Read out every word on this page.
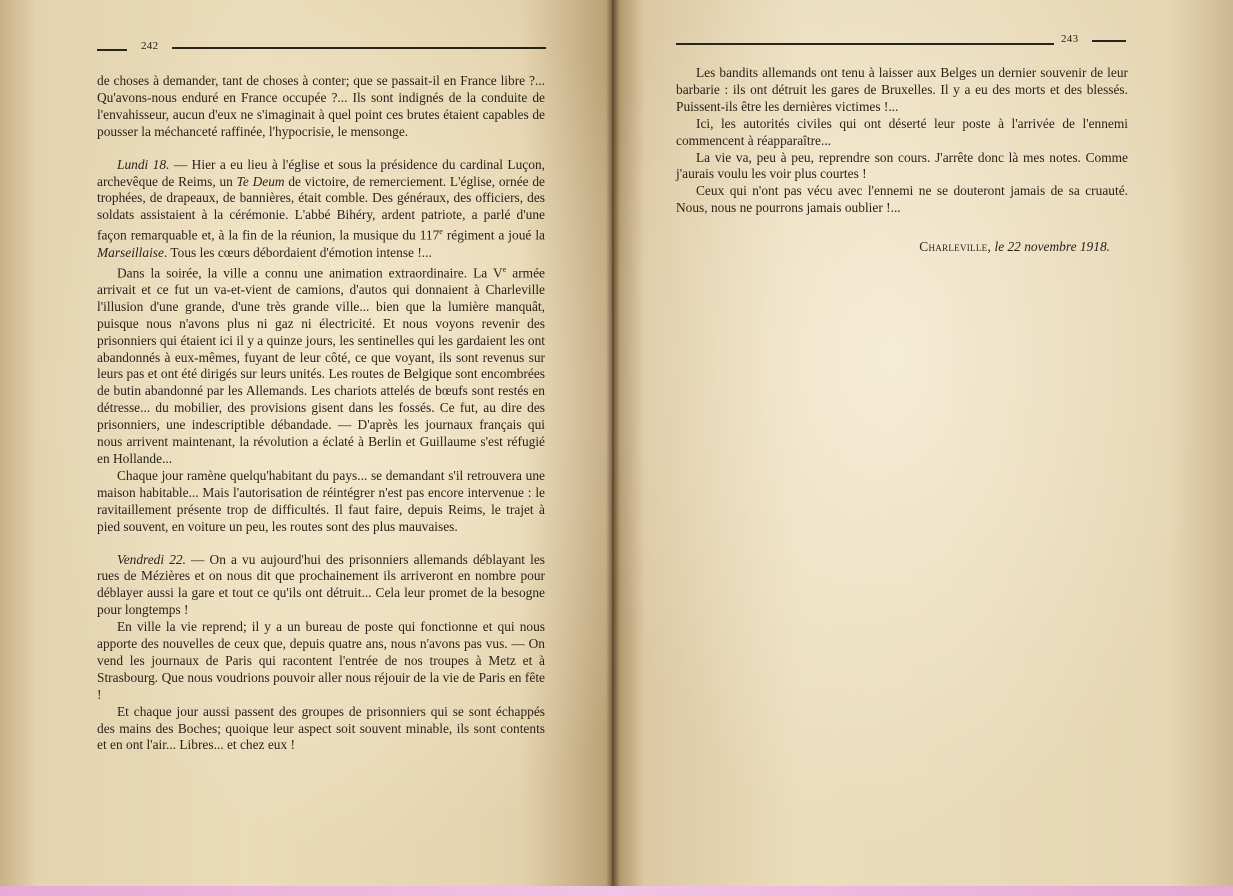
242

de choses à demander, tant de choses à conter; que se passait-il en France libre ?... Qu'avons-nous enduré en France occupée ?... Ils sont indignés de la conduite de l'envahisseur, aucun d'eux ne s'imaginait à quel point ces brutes étaient capables de pousser la méchanceté raffinée, l'hypocrisie, le mensonge.

Lundi 18. — Hier a eu lieu à l'église et sous la présidence du cardinal Luçon, archevêque de Reims, un Te Deum de victoire, de remerciement. L'église, ornée de trophées, de drapeaux, de bannières, était comble. Des généraux, des officiers, des soldats assistaient à la cérémonie. L'abbé Bihéry, ardent patriote, a parlé d'une façon remarquable et, à la fin de la réunion, la musique du 117e régiment a joué la Marseillaise. Tous les cœurs débordaient d'émotion intense !...

Dans la soirée, la ville a connu une animation extraordinaire. La Ve armée arrivait et ce fut un va-et-vient de camions, d'autos qui donnaient à Charleville l'illusion d'une grande, d'une très grande ville... bien que la lumière manquât, puisque nous n'avons plus ni gaz ni électricité. Et nous voyons revenir des prisonniers qui étaient ici il y a quinze jours, les sentinelles qui les gardaient les ont abandonnés à eux-mêmes, fuyant de leur côté, ce que voyant, ils sont revenus sur leurs pas et ont été dirigés sur leurs unités. Les routes de Belgique sont encombrées de butin abandonné par les Allemands. Les chariots attelés de bœufs sont restés en détresse... du mobilier, des provisions gisent dans les fossés. Ce fut, au dire des prisonniers, une indescriptible débandade. — D'après les journaux français qui nous arrivent maintenant, la révolution a éclaté à Berlin et Guillaume s'est réfugié en Hollande...

Chaque jour ramène quelqu'habitant du pays... se demandant s'il retrouvera une maison habitable... Mais l'autorisation de réintégrer n'est pas encore intervenue : le ravitaillement présente trop de difficultés. Il faut faire, depuis Reims, le trajet à pied souvent, en voiture un peu, les routes sont des plus mauvaises.

Vendredi 22. — On a vu aujourd'hui des prisonniers allemands déblayant les rues de Mézières et on nous dit que prochainement ils arriveront en nombre pour déblayer aussi la gare et tout ce qu'ils ont détruit... Cela leur promet de la besogne pour longtemps !

En ville la vie reprend; il y a un bureau de poste qui fonctionne et qui nous apporte des nouvelles de ceux que, depuis quatre ans, nous n'avons pas vus. — On vend les journaux de Paris qui racontent l'entrée de nos troupes à Metz et à Strasbourg. Que nous voudrions pouvoir aller nous réjouir de la vie de Paris en fête !

Et chaque jour aussi passent des groupes de prisonniers qui se sont échappés des mains des Boches; quoique leur aspect soit souvent minable, ils sont contents et en ont l'air... Libres... et chez eux !

243

Les bandits allemands ont tenu à laisser aux Belges un dernier souvenir de leur barbarie : ils ont détruit les gares de Bruxelles. Il y a eu des morts et des blessés. Puissent-ils être les dernières victimes !...

Ici, les autorités civiles qui ont déserté leur poste à l'arrivée de l'ennemi commencent à réapparaître...

La vie va, peu à peu, reprendre son cours. J'arrête donc là mes notes. Comme j'aurais voulu les voir plus courtes !

Ceux qui n'ont pas vécu avec l'ennemi ne se douteront jamais de sa cruauté. Nous, nous ne pourrons jamais oublier !...

Charleville, le 22 novembre 1918.
